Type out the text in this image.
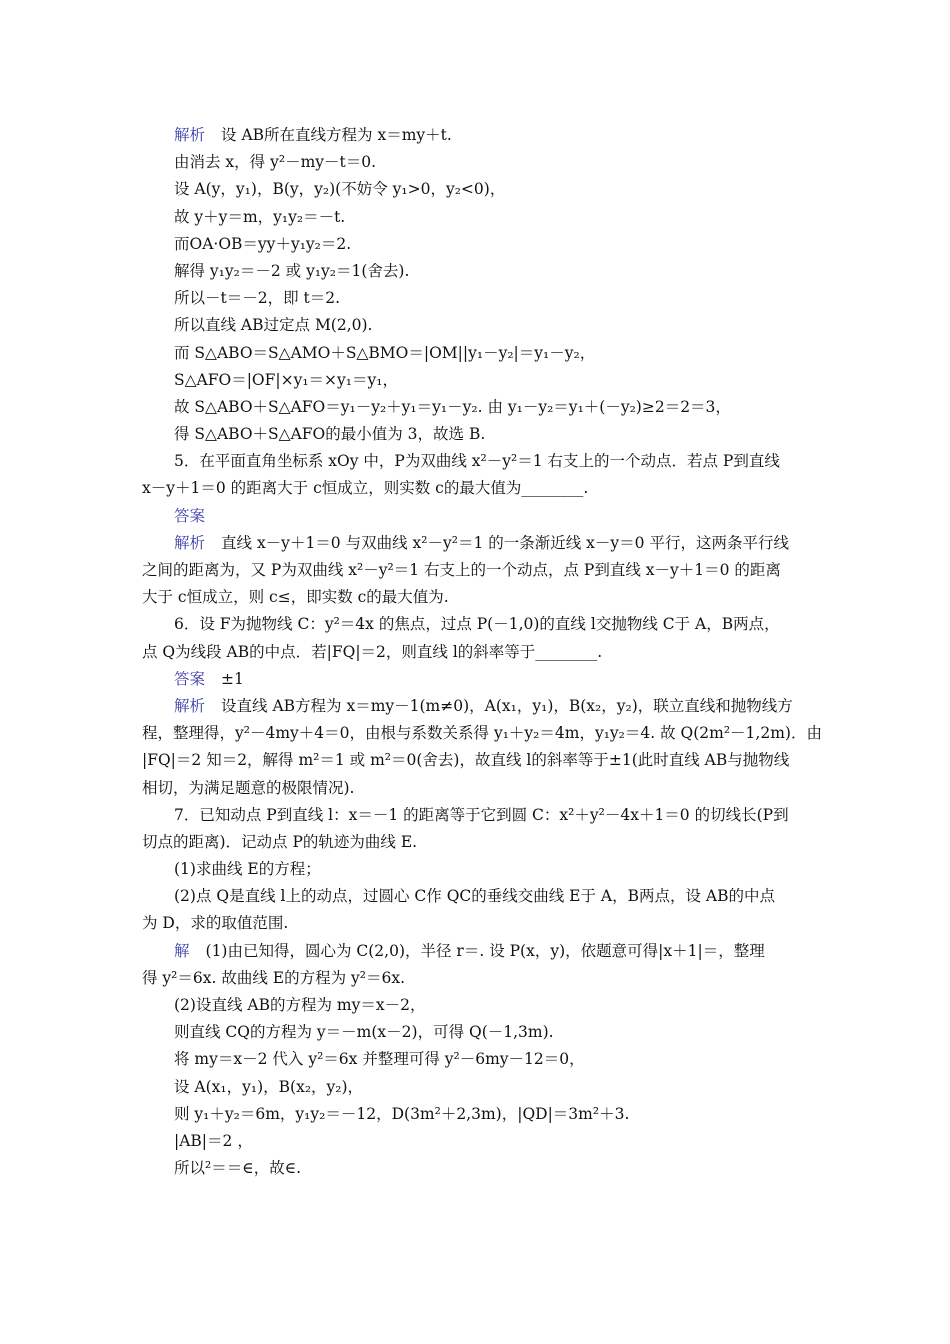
解析 设 AB所在直线方程为 x＝my＋t.
由消去 x，得 y²－my－t＝0.
设 A(y，y₁)，B(y，y₂)(不妨令 y₁>0，y₂<0)，
故 y＋y＝m，y₁y₂＝－t.
而OA·OB＝yy＋y₁y₂＝2.
解得 y₁y₂＝－2 或 y₁y₂＝1(舍去).
所以－t＝－2，即 t＝2.
所以直线 AB过定点 M(2,0).
而 S△ABO＝S△AMO＋S△BMO＝|OM||y₁－y₂|＝y₁－y₂，
S△AFO＝|OF|×y₁＝×y₁＝y₁，
故 S△ABO＋S△AFO＝y₁－y₂＋y₁＝y₁－y₂. 由 y₁－y₂＝y₁＋(－y₂)≥2＝2＝3，
得 S△ABO＋S△AFO的最小值为 3，故选 B.
5．在平面直角坐标系 xOy 中，P为双曲线 x²－y²＝1 右支上的一个动点．若点 P到直线
x－y＋1＝0 的距离大于 c恒成立，则实数 c的最大值为________.
答案
解析 直线 x－y＋1＝0 与双曲线 x²－y²＝1 的一条渐近线 x－y＝0 平行，这两条平行线
之间的距离为，又 P为双曲线 x²－y²＝1 右支上的一个动点，点 P到直线 x－y＋1＝0 的距离
大于 c恒成立，则 c≤，即实数 c的最大值为.
6．设 F为抛物线 C：y²＝4x 的焦点，过点 P(－1,0)的直线 l交抛物线 C于 A，B两点，
点 Q为线段 AB的中点．若|FQ|＝2，则直线 l的斜率等于________.
答案 ±1
解析 设直线 AB方程为 x＝my－1(m≠0)，A(x₁，y₁)，B(x₂，y₂)，联立直线和抛物线方
程，整理得，y²－4my＋4＝0，由根与系数关系得 y₁＋y₂＝4m，y₁y₂＝4. 故 Q(2m²－1,2m)．由
|FQ|＝2 知＝2，解得 m²＝1 或 m²＝0(舍去)，故直线 l的斜率等于±1(此时直线 AB与抛物线
相切，为满足题意的极限情况).
7．已知动点 P到直线 l：x＝－1 的距离等于它到圆 C：x²＋y²－4x＋1＝0 的切线长(P到
切点的距离)．记动点 P的轨迹为曲线 E.
(1)求曲线 E的方程；
(2)点 Q是直线 l上的动点，过圆心 C作 QC的垂线交曲线 E于 A，B两点，设 AB的中点
为 D，求的取值范围.
解 (1)由已知得，圆心为 C(2,0)，半径 r＝. 设 P(x，y)，依题意可得|x＋1|＝，整理
得 y²＝6x. 故曲线 E的方程为 y²＝6x.
(2)设直线 AB的方程为 my＝x－2，
则直线 CQ的方程为 y＝－m(x－2)，可得 Q(－1,3m).
将 my＝x－2 代入 y²＝6x 并整理可得 y²－6my－12＝0，
设 A(x₁，y₁)，B(x₂，y₂)，
则 y₁＋y₂＝6m，y₁y₂＝－12，D(3m²＋2,3m)，|QD|＝3m²＋3.
|AB|＝2 ，
所以²＝＝∈，故∈.
